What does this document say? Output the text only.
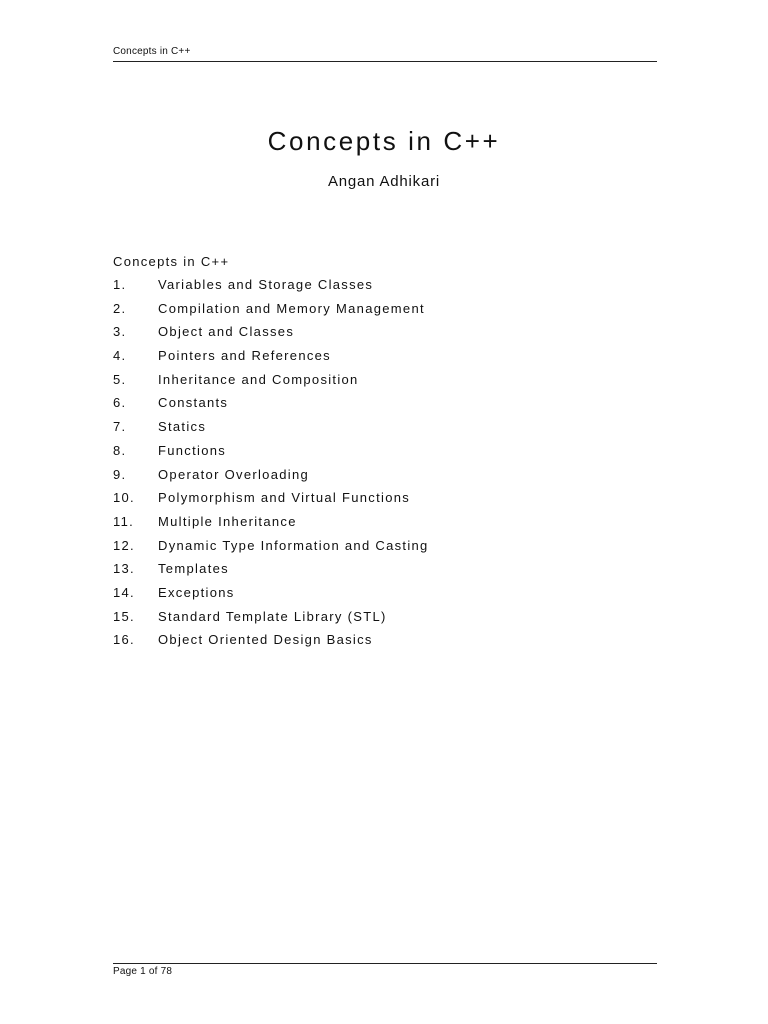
Concepts in C++
Concepts in C++
Angan Adhikari
Concepts in C++
1.	Variables and Storage Classes
2.	Compilation and Memory Management
3.	Object and Classes
4.	Pointers and References
5.	Inheritance and Composition
6.	Constants
7.	Statics
8.	Functions
9.	Operator Overloading
10.	Polymorphism and Virtual Functions
11.	Multiple Inheritance
12.	Dynamic Type Information and Casting
13.	Templates
14.	Exceptions
15.	Standard Template Library (STL)
16.	Object Oriented Design Basics
Page 1 of 78
